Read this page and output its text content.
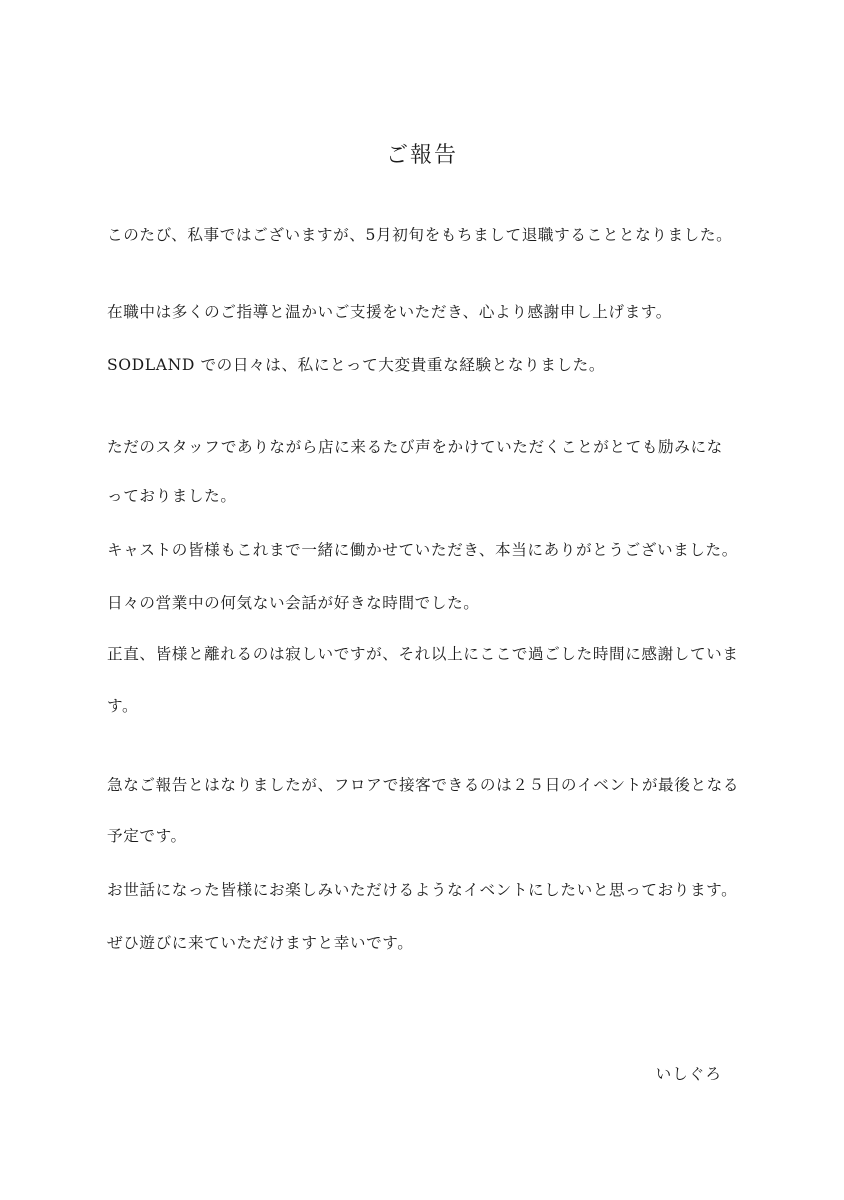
ご報告
このたび、私事ではございますが、5月初旬をもちまして退職することとなりました。
在職中は多くのご指導と温かいご支援をいただき、心より感謝申し上げます。
SODLAND での日々は、私にとって大変貴重な経験となりました。
ただのスタッフでありながら店に来るたび声をかけていただくことがとても励みにな
っておりました。
キャストの皆様もこれまで一緒に働かせていただき、本当にありがとうございました。
日々の営業中の何気ない会話が好きな時間でした。
正直、皆様と離れるのは寂しいですが、それ以上にここで過ごした時間に感謝していま
す。
急なご報告とはなりましたが、フロアで接客できるのは２５日のイベントが最後となる
予定です。
お世話になった皆様にお楽しみいただけるようなイベントにしたいと思っております。
ぜひ遊びに来ていただけますと幸いです。
いしぐろ
